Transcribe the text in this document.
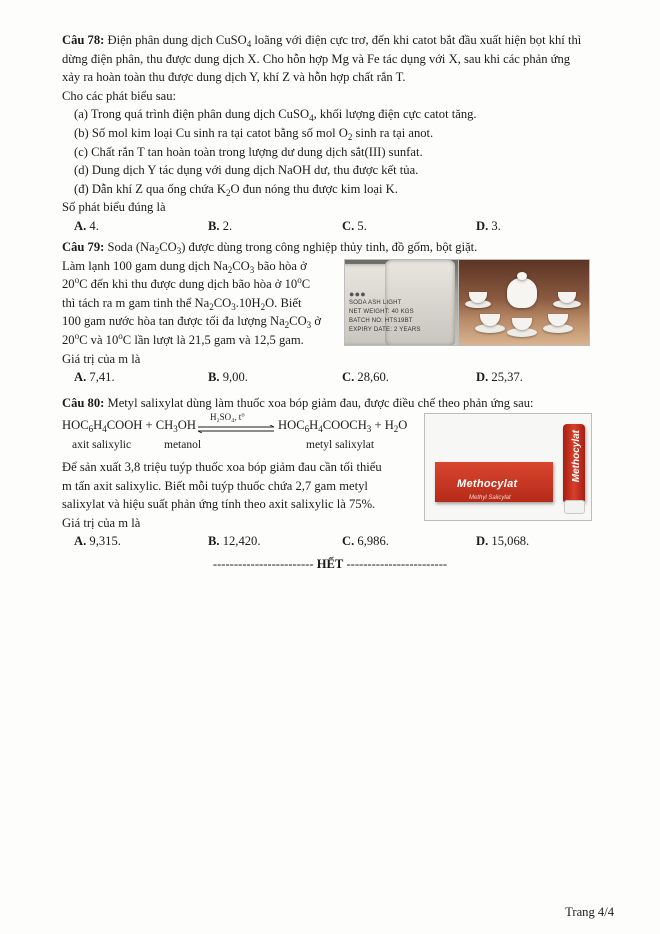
Câu 78: Điện phân dung dịch CuSO$_4$ loãng với điện cực trơ, đến khi catot bắt đầu xuất hiện bọt khí thì

dừng điện phân, thu được dung dịch X. Cho hỗn hợp Mg và Fe tác dụng với X, sau khi các phản ứng

xảy ra hoàn toàn thu được dung dịch Y, khí Z và hỗn hợp chất rắn T.

Cho các phát biểu sau:

(a) Trong quá trình điện phân dung dịch CuSO$_4$, khối lượng điện cực catot tăng.

(b) Số mol kim loại Cu sinh ra tại catot bằng số mol $O_2$ sinh ra tại anot.

(c) Chất rắn T tan hoàn toàn trong lượng dư dung dịch sắt(III) sunfat.

(d) Dung dịch Y tác dụng với dung dịch NaOH dư, thu được kết tủa.

(đ) Dẫn khí Z qua ống chứa $K_2O$ đun nóng thu được kim loại K.

Số phát biểu đúng là

A. 4.	B. 2.	C. 5.	D. 3.

Câu 79: Soda $(Na_2CO_3)$ được dùng trong công nghiệp thủy tinh, đồ gốm, bột giặt.

Làm lạnh 100 gam dung dịch $Na_2CO_3$ bão hòa ở

20$^o$C đến khi thu được dung dịch bão hòa ở 10$^o$C

thì tách ra m gam tinh thể $Na_2CO_3.10H_2O$. Biết

100 gam nước hòa tan được tối đa lượng $Na_2CO_3$ ở

20$^o$C và 10$^o$C lần lượt là 21,5 gam và 12,5 gam.

Giá trị của m là

A. 7,41.	B. 9,00.	C. 28,60.	D. 25,37.
●●●
SODA ASH LIGHT
NET WEIGHT: 40 KGS
BATCH NO: HTS19BT
EXPIRY DATE: 2 YEARS

Câu 80: Metyl salixylat dùng làm thuốc xoa bóp giảm đau, được điều chế theo phản ứng sau:

$HOC_6H_4COOH + CH_3OH$
H₂SO₄, t°
$HOC_6H_4COOCH_3 + H_2O$
axit salixylic	metanol	metyl salixylat

Để sản xuất 3,8 triệu tuýp thuốc xoa bóp giảm đau cần tối thiểu

m tấn axit salixylic. Biết mỗi tuýp thuốc chứa 2,7 gam metyl

salixylat và hiệu suất phản ứng tính theo axit salixylic là 75%.

Giá trị của m là

A. 9,315.	B. 12,420.	C. 6,986.	D. 15,068.
Methocylat
Methyl Salicylat
Methocylat
------------------------ HẾT ------------------------
Trang 4/4
